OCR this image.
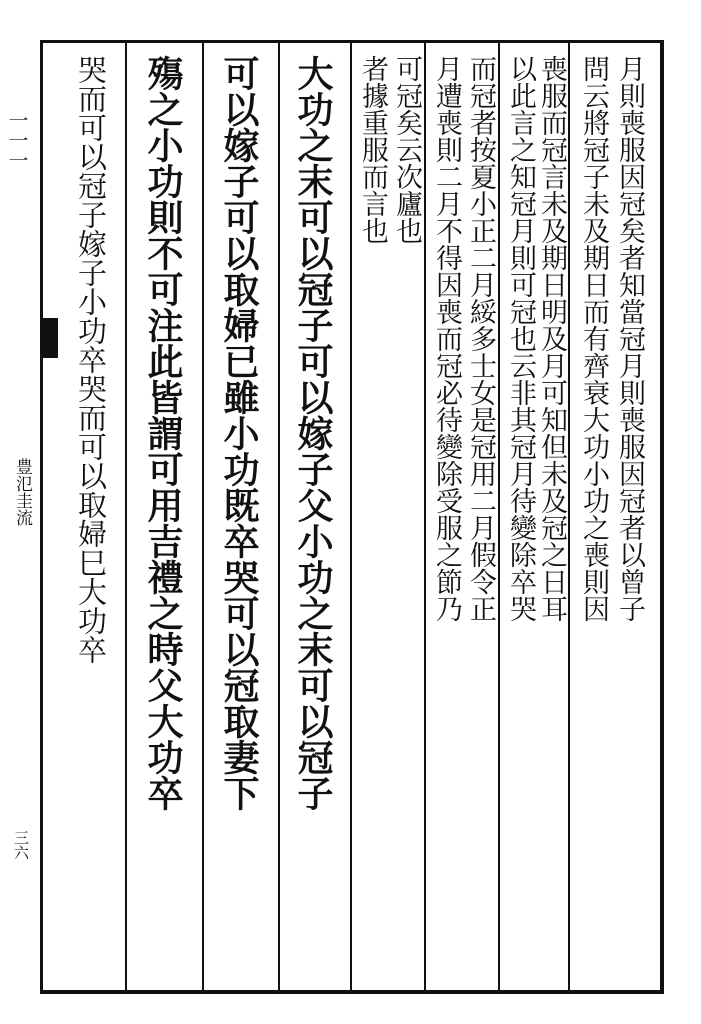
一一一
豊氾圭流
三六
月則喪服因冠矣者知當冠月則喪服因冠者以曾子
問云將冠子未及期日而有齊衰大功小功之喪則因
喪服而冠言未及期日明及月可知但未及冠之日耳
以此言之知冠月則可冠也云非其冠月待變除卒哭
而冠者按夏小正二月綏多士女是冠用二月假令正
月遭喪則二月不得因喪而冠必待變除受服之節乃
可冠矣云次廬也
者據重服而言也
大功之末可以冠子可以嫁子父小功之末可以冠子
可以嫁子可以取婦已雖小功既卒哭可以冠取妻下
殤之小功則不可注此皆謂可用吉禮之時父大功卒
哭而可以冠子嫁子小功卒哭而可以取婦巳大功卒
